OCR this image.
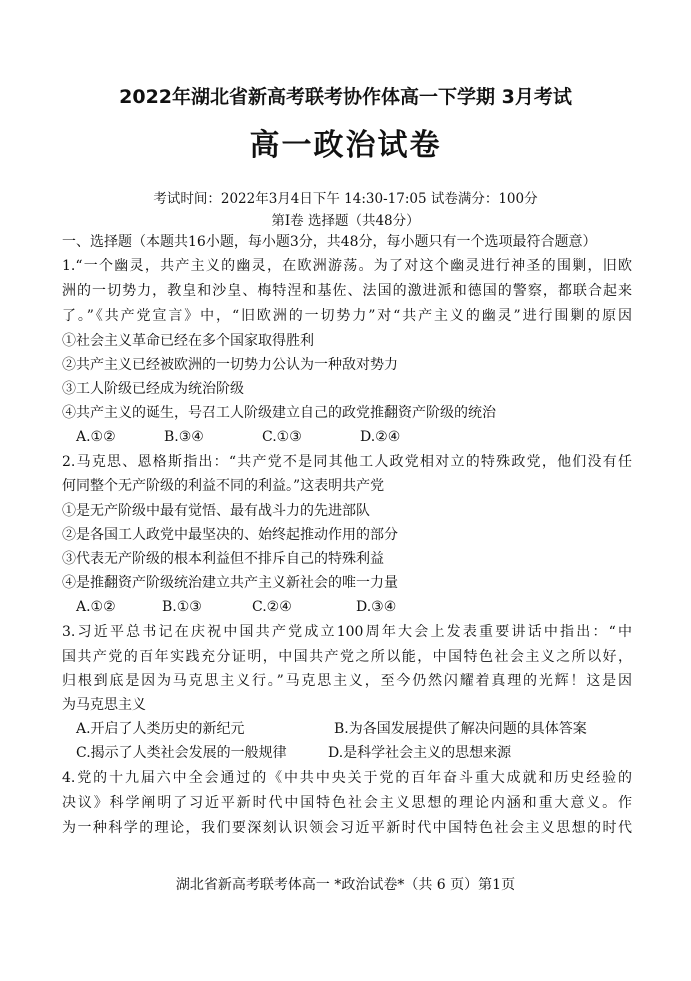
2022年湖北省新高考联考协作体高一下学期 3月考试
高一政治试卷
考试时间：2022年3月4日下午 14:30-17:05 试卷满分：100分
第Ⅰ卷 选择题（共48分）
一、选择题（本题共16小题，每小题3分，共48分，每小题只有一个选项最符合题意）
1.“一个幽灵，共产主义的幽灵，在欧洲游荡。为了对这个幽灵进行神圣的围剿，旧欧
洲的一切势力，教皇和沙皇、梅特涅和基佐、法国的激进派和德国的警察，都联合起来
了。”《共产党宣言》中，“旧欧洲的一切势力”对“共产主义的幽灵”进行围剿的原因
①社会主义革命已经在多个国家取得胜利
②共产主义已经被欧洲的一切势力公认为一种敌对势力
③工人阶级已经成为统治阶级
④共产主义的诞生，号召工人阶级建立自己的政党推翻资产阶级的统治
A.①②	B.③④	C.①③	D.②④
2.马克思、恩格斯指出：“共产党不是同其他工人政党相对立的特殊政党，他们没有任
何同整个无产阶级的利益不同的利益。”这表明共产党
①是无产阶级中最有觉悟、最有战斗力的先进部队
②是各国工人政党中最坚决的、始终起推动作用的部分
③代表无产阶级的根本利益但不排斥自己的特殊利益
④是推翻资产阶级统治建立共产主义新社会的唯一力量
A.①②	B.①③	C.②④	D.③④
3.习近平总书记在庆祝中国共产党成立100周年大会上发表重要讲话中指出：“中
国共产党的百年实践充分证明，中国共产党之所以能，中国特色社会主义之所以好，
归根到底是因为马克思主义行。”马克思主义，至今仍然闪耀着真理的光辉！这是因
为马克思主义
A.开启了人类历史的新纪元	B.为各国发展提供了解决问题的具体答案
C.揭示了人类社会发展的一般规律	D.是科学社会主义的思想来源
4.党的十九届六中全会通过的《中共中央关于党的百年奋斗重大成就和历史经验的
决议》科学阐明了习近平新时代中国特色社会主义思想的理论内涵和重大意义。作
为一种科学的理论，我们要深刻认识领会习近平新时代中国特色社会主义思想的时代
湖北省新高考联考体高一 *政治试卷*（共 6 页）第1页
